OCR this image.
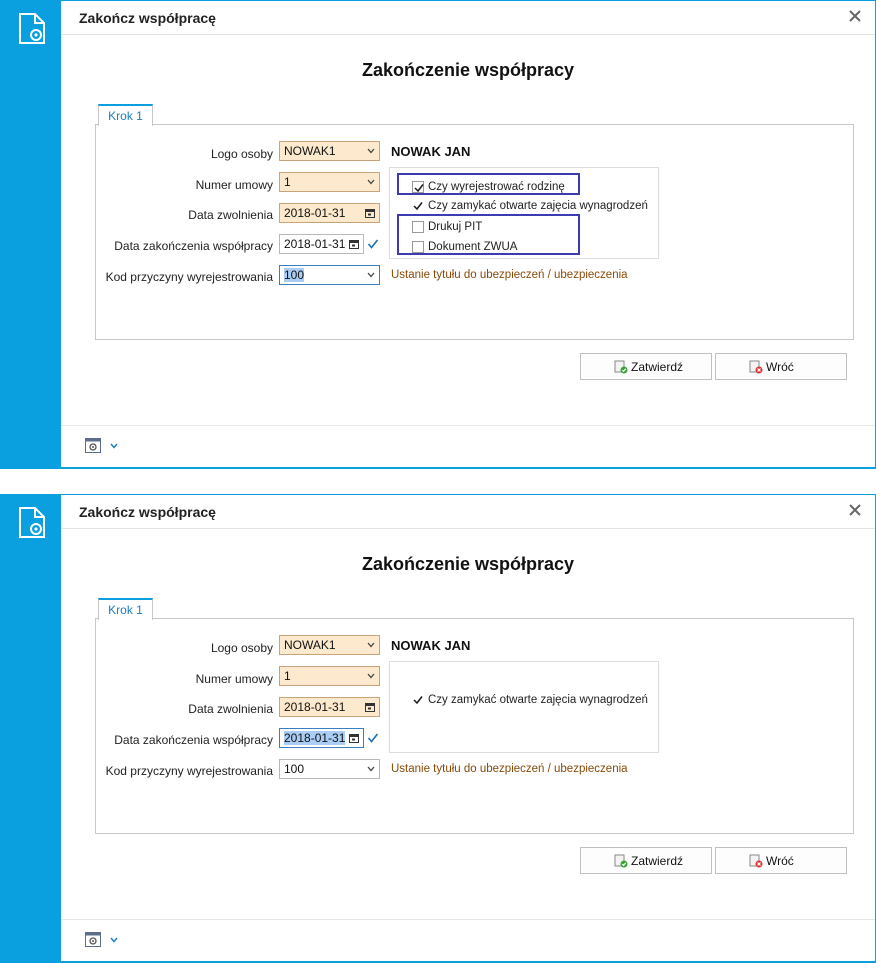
Zakończ współpracę
Zakończenie współpracy
Krok 1
Logo osoby NOWAK1	NOWAK JAN
Numer umowy 1
Data zwolnienia 2018-01-31
Data zakończenia współpracy 2018-01-31
Kod przyczyny wyrejestrowania 100	Ustanie tytułu do ubezpieczeń / ubezpieczenia
Czy wyrejestrować rodzinę
Czy zamykać otwarte zajęcia wynagrodzeń
Drukuj PIT
Dokument ZWUA
Zatwierdź	Wróć
Zakończ współpracę
Zakończenie współpracy
Krok 1
Logo osoby NOWAK1	NOWAK JAN
Numer umowy 1
Data zwolnienia 2018-01-31
Data zakończenia współpracy 2018-01-31
Kod przyczyny wyrejestrowania 100	Ustanie tytułu do ubezpieczeń / ubezpieczenia
Czy zamykać otwarte zajęcia wynagrodzeń
Zatwierdź	Wróć
